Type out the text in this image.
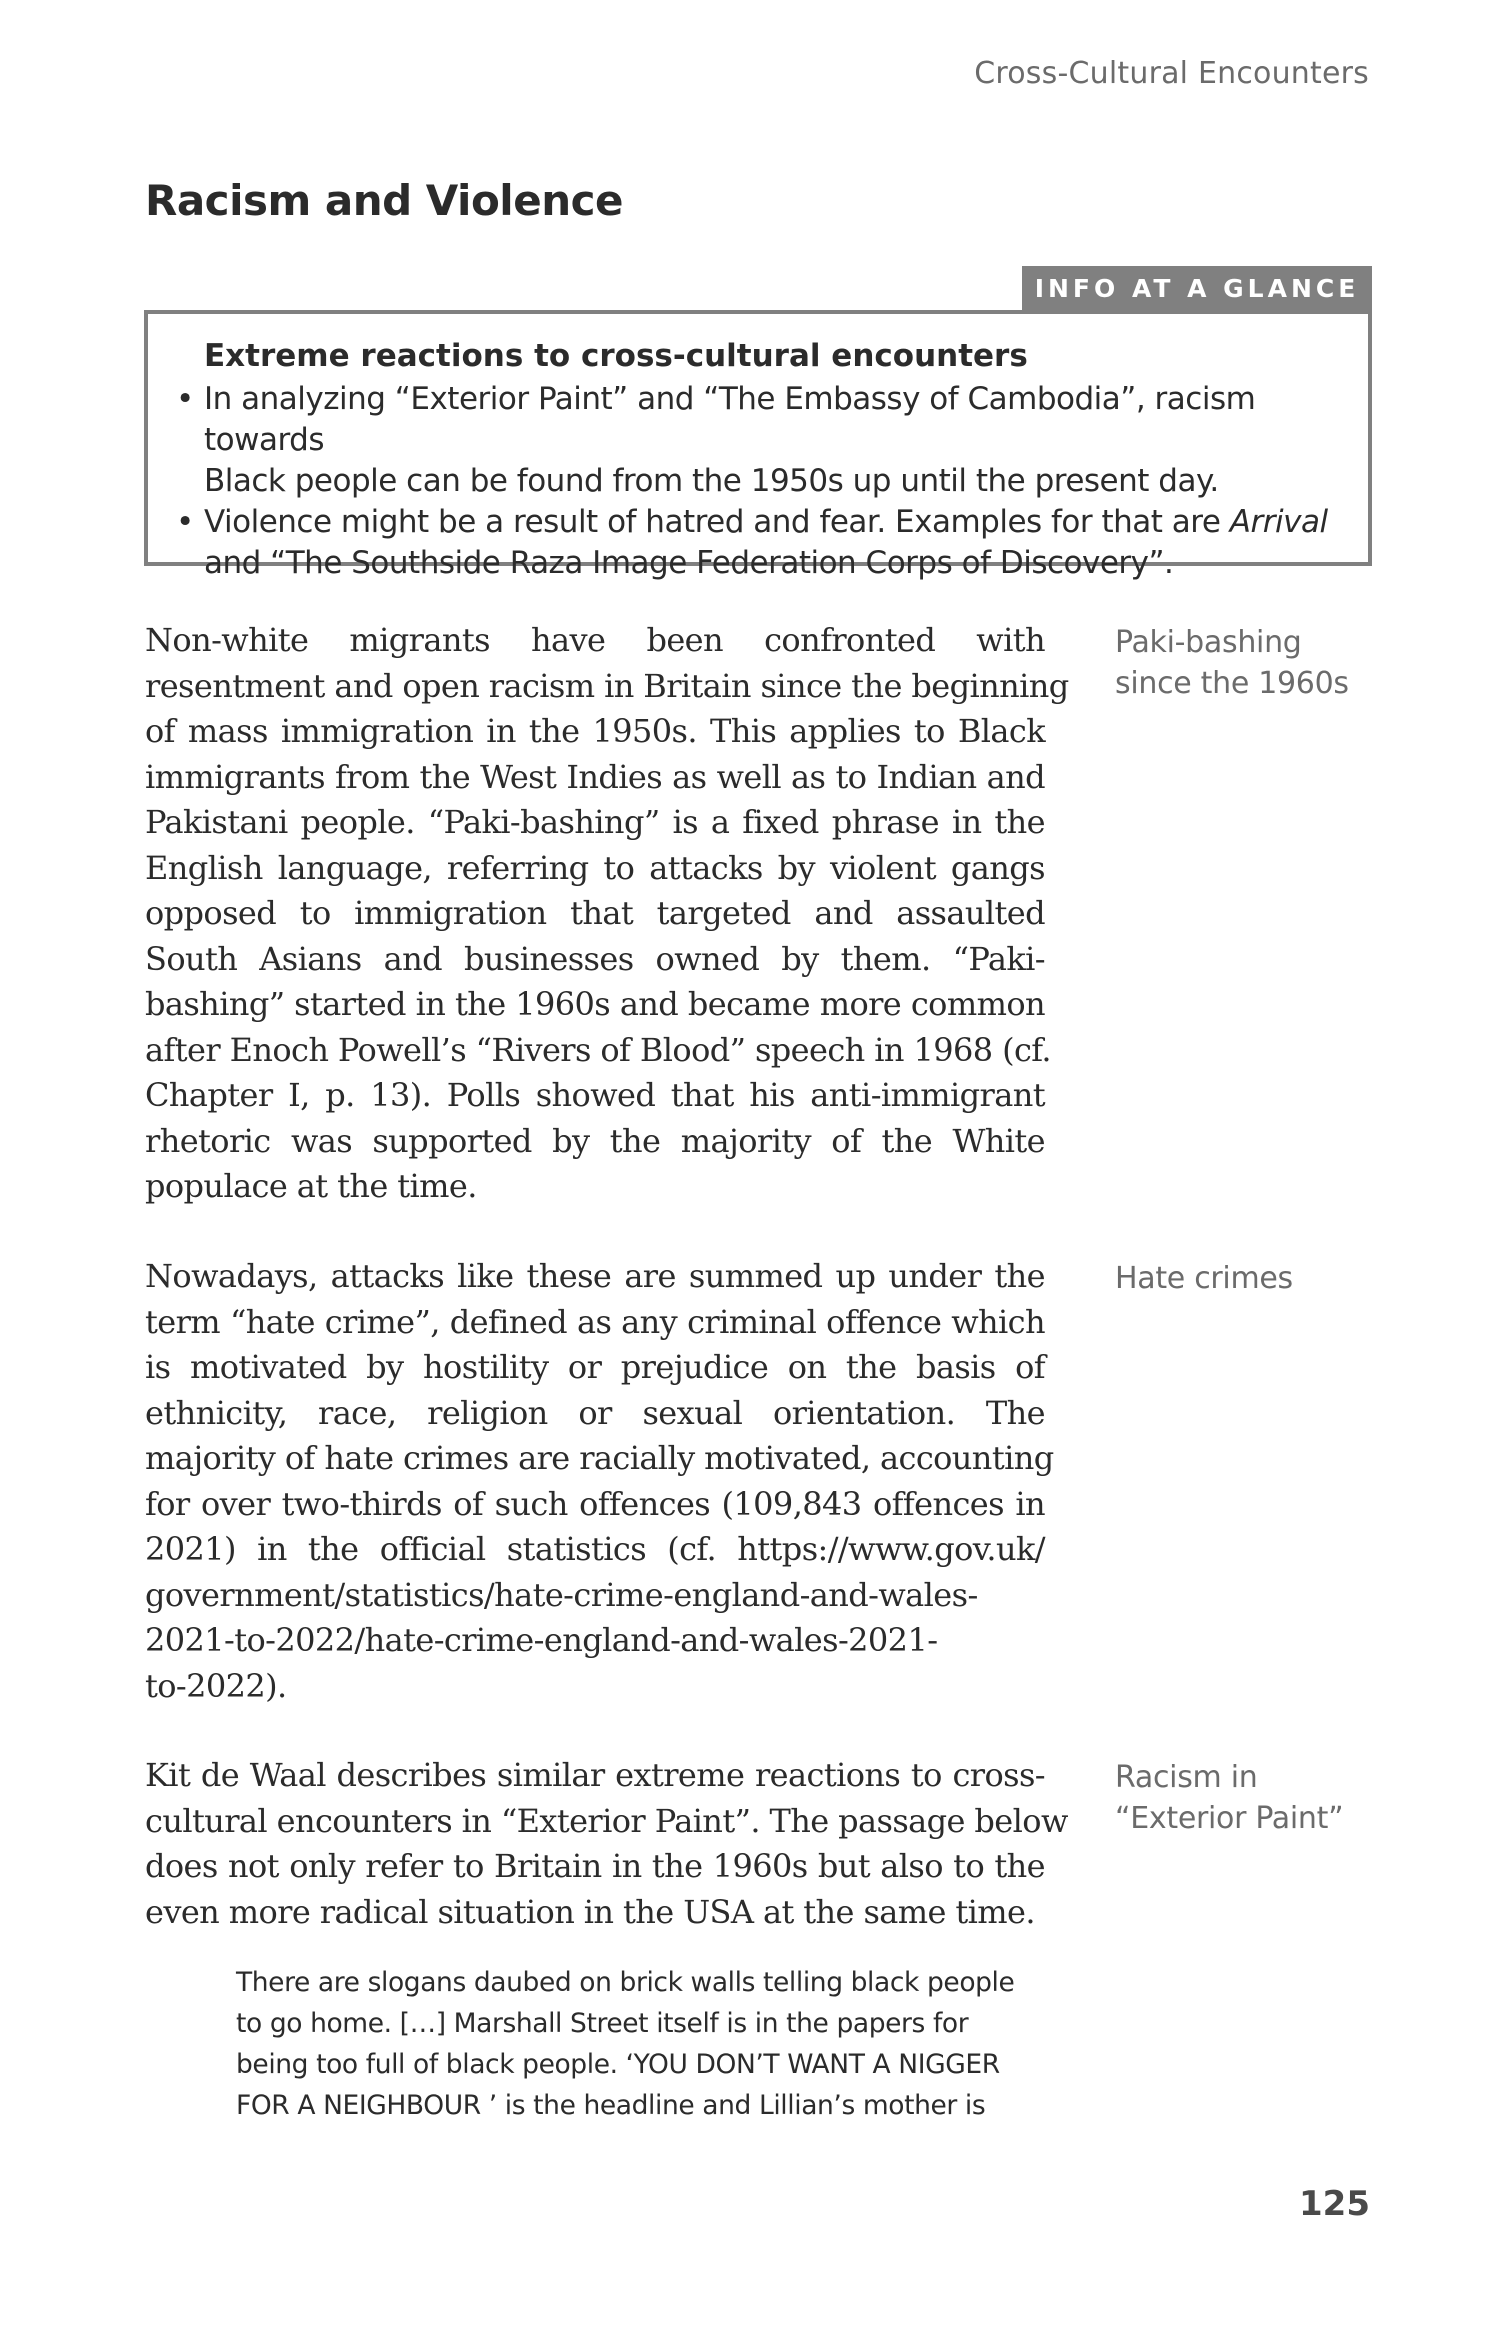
Cross-Cultural Encounters
Racism and Violence
INFO AT A GLANCE
Extreme reactions to cross-cultural encounters
• In analyzing “Exterior Paint” and “The Embassy of Cambodia”, racism towards
Black people can be found from the 1950s up until the present day.
• Violence might be a result of hatred and fear. Examples for that are Arrival
and “The Southside Raza Image Federation Corps of Discovery”.

Non-white migrants have been confronted with
resentment and open racism in Britain since the beginning
of mass immigration in the 1950s. This applies to Black
immigrants from the West Indies as well as to Indian and
Pakistani people. “Paki-bashing” is a fixed phrase in the
English language, referring to attacks by violent gangs
opposed to immigration that targeted and assaulted
South Asians and businesses owned by them. “Paki-
bashing” started in the 1960s and became more common
after Enoch Powell’s “Rivers of Blood” speech in 1968 (cf.
Chapter I, p. 13). Polls showed that his anti-immigrant
rhetoric was supported by the majority of the White
populace at the time.

Paki-bashing
since the 1960s

Nowadays, attacks like these are summed up under the
term “hate crime”, defined as any criminal offence which
is motivated by hostility or prejudice on the basis of
ethnicity, race, religion or sexual orientation. The
majority of hate crimes are racially motivated, accounting
for over two-thirds of such offences (109,843 offences in
2021) in the official statistics (cf. https://www.gov.uk/
government/statistics/hate-crime-england-and-wales-
2021-to-2022/hate-crime-england-and-wales-2021-
to-2022).

Hate crimes

Kit de Waal describes similar extreme reactions to cross-
cultural encounters in “Exterior Paint”. The passage below
does not only refer to Britain in the 1960s but also to the
even more radical situation in the USA at the same time.

Racism in
“Exterior Paint”
There are slogans daubed on brick walls telling black people
to go home. […] Marshall Street itself is in the papers for
being too full of black people. ‘YOU DON’T WANT A NIGGER
FOR A NEIGHBOUR ’ is the headline and Lillian’s mother is
125
